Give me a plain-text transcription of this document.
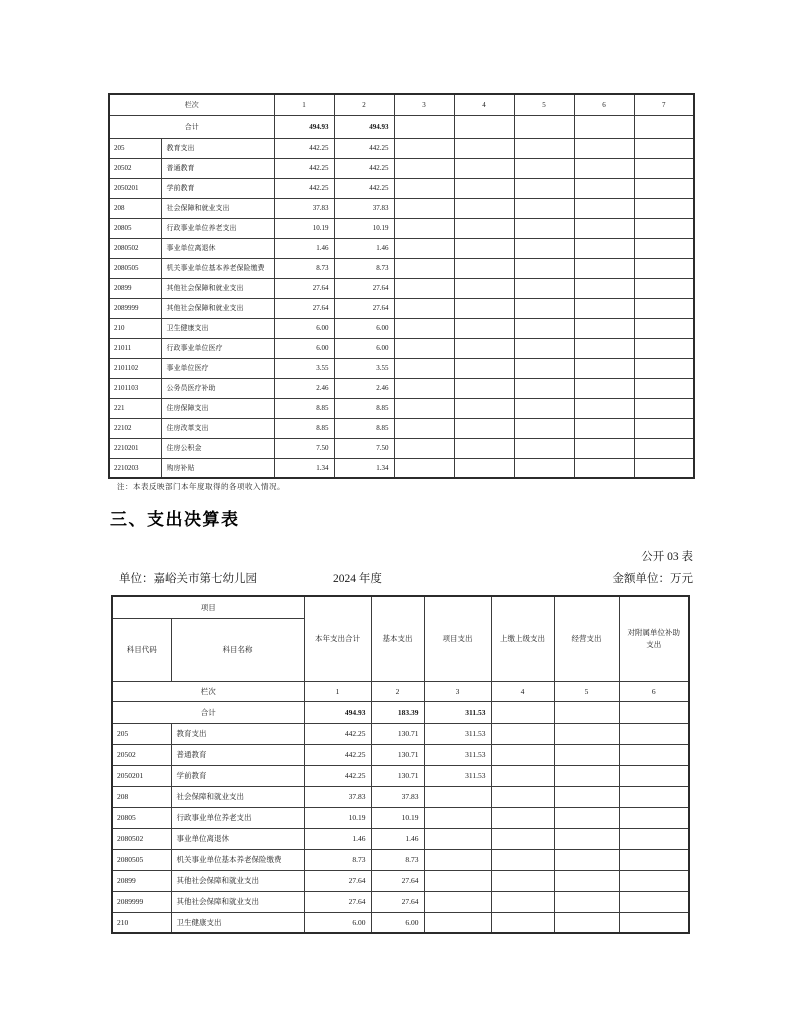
栏次		1	2	3	4	5	6	7
合计		494.93	494.93					
205	教育支出	442.25	442.25					
20502	普通教育	442.25	442.25					
2050201	学前教育	442.25	442.25					
208	社会保障和就业支出	37.83	37.83					
20805	行政事业单位养老支出	10.19	10.19					
2080502	事业单位离退休	1.46	1.46					
2080505	机关事业单位基本养老保险缴费	8.73	8.73					
20899	其他社会保障和就业支出	27.64	27.64					
2089999	其他社会保障和就业支出	27.64	27.64					
210	卫生健康支出	6.00	6.00					
21011	行政事业单位医疗	6.00	6.00					
2101102	事业单位医疗	3.55	3.55					
2101103	公务员医疗补助	2.46	2.46					
221	住房保障支出	8.85	8.85					
22102	住房改革支出	8.85	8.85					
2210201	住房公积金	7.50	7.50					
2210203	购房补贴	1.34	1.34					
注：本表反映部门本年度取得的各项收入情况。
三、支出决算表
公开 03 表
单位：嘉峪关市第七幼儿园	2024 年度	金额单位：万元
项目		本年支出合计	基本支出	项目支出	上缴上级支出	经营支出	对附属单位补助支出
科目代码	科目名称						
栏次		1	2	3	4	5	6
合计		494.93	183.39	311.53			
205	教育支出	442.25	130.71	311.53			
20502	普通教育	442.25	130.71	311.53			
2050201	学前教育	442.25	130.71	311.53			
208	社会保障和就业支出	37.83	37.83				
20805	行政事业单位养老支出	10.19	10.19				
2080502	事业单位离退休	1.46	1.46				
2080505	机关事业单位基本养老保险缴费	8.73	8.73				
20899	其他社会保障和就业支出	27.64	27.64				
2089999	其他社会保障和就业支出	27.64	27.64				
210	卫生健康支出	6.00	6.00				
